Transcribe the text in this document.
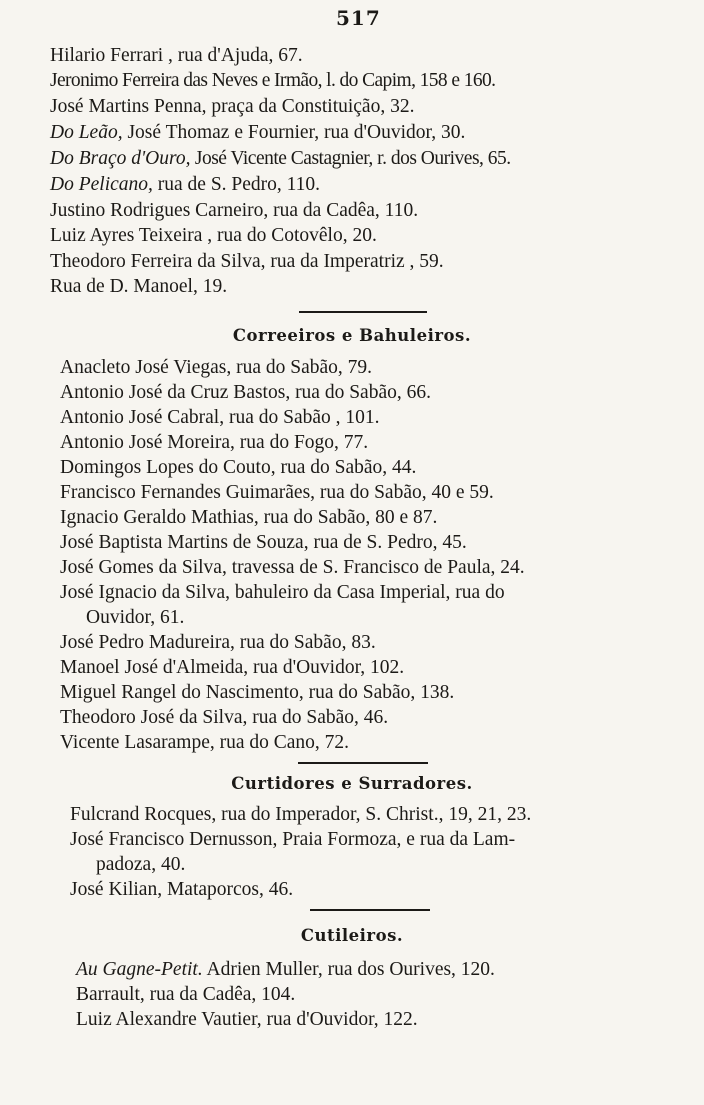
517
Hilario Ferrari , rua d'Ajuda, 67.
Jeronimo Ferreira das Neves e Irmão, l. do Capim, 158 e 160.
José Martins Penna, praça da Constituição, 32.
Do Leão, José Thomaz e Fournier, rua d'Ouvidor, 30.
Do Braço d'Ouro, José Vicente Castagnier, r. dos Ourives, 65.
Do Pelicano, rua de S. Pedro, 110.
Justino Rodrigues Carneiro, rua da Cadêa, 110.
Luiz Ayres Teixeira , rua do Cotovêlo, 20.
Theodoro Ferreira da Silva, rua da Imperatriz , 59.
Rua de D. Manoel, 19.
Correeiros e Bahuleiros.
Anacleto José Viegas, rua do Sabão, 79.
Antonio José da Cruz Bastos, rua do Sabão, 66.
Antonio José Cabral, rua do Sabão , 101.
Antonio José Moreira, rua do Fogo, 77.
Domingos Lopes do Couto, rua do Sabão, 44.
Francisco Fernandes Guimarães, rua do Sabão, 40 e 59.
Ignacio Geraldo Mathias, rua do Sabão, 80 e 87.
José Baptista Martins de Souza, rua de S. Pedro, 45.
José Gomes da Silva, travessa de S. Francisco de Paula, 24.
José Ignacio da Silva, bahuleiro da Casa Imperial, rua do
Ouvidor, 61.
José Pedro Madureira, rua do Sabão, 83.
Manoel José d'Almeida, rua d'Ouvidor, 102.
Miguel Rangel do Nascimento, rua do Sabão, 138.
Theodoro José da Silva, rua do Sabão, 46.
Vicente Lasarampe, rua do Cano, 72.
Curtidores e Surradores.
Fulcrand Rocques, rua do Imperador, S. Christ., 19, 21, 23.
José Francisco Dernusson, Praia Formoza, e rua da Lam-
padoza, 40.
José Kilian, Mataporcos, 46.
Cutileiros.
Au Gagne-Petit. Adrien Muller, rua dos Ourives, 120.
Barrault, rua da Cadêa, 104.
Luiz Alexandre Vautier, rua d'Ouvidor, 122.
